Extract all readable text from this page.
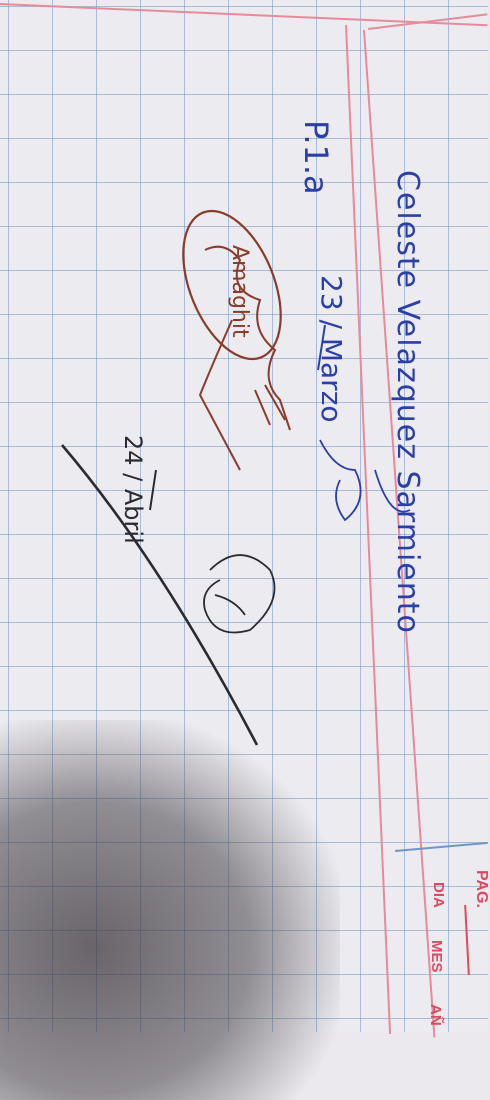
Celeste Velazquez Sarmiento
P.1.a
23 / Marzo
24 / Abril
Amaghit
PAG.
DIA
MES
AÑ
